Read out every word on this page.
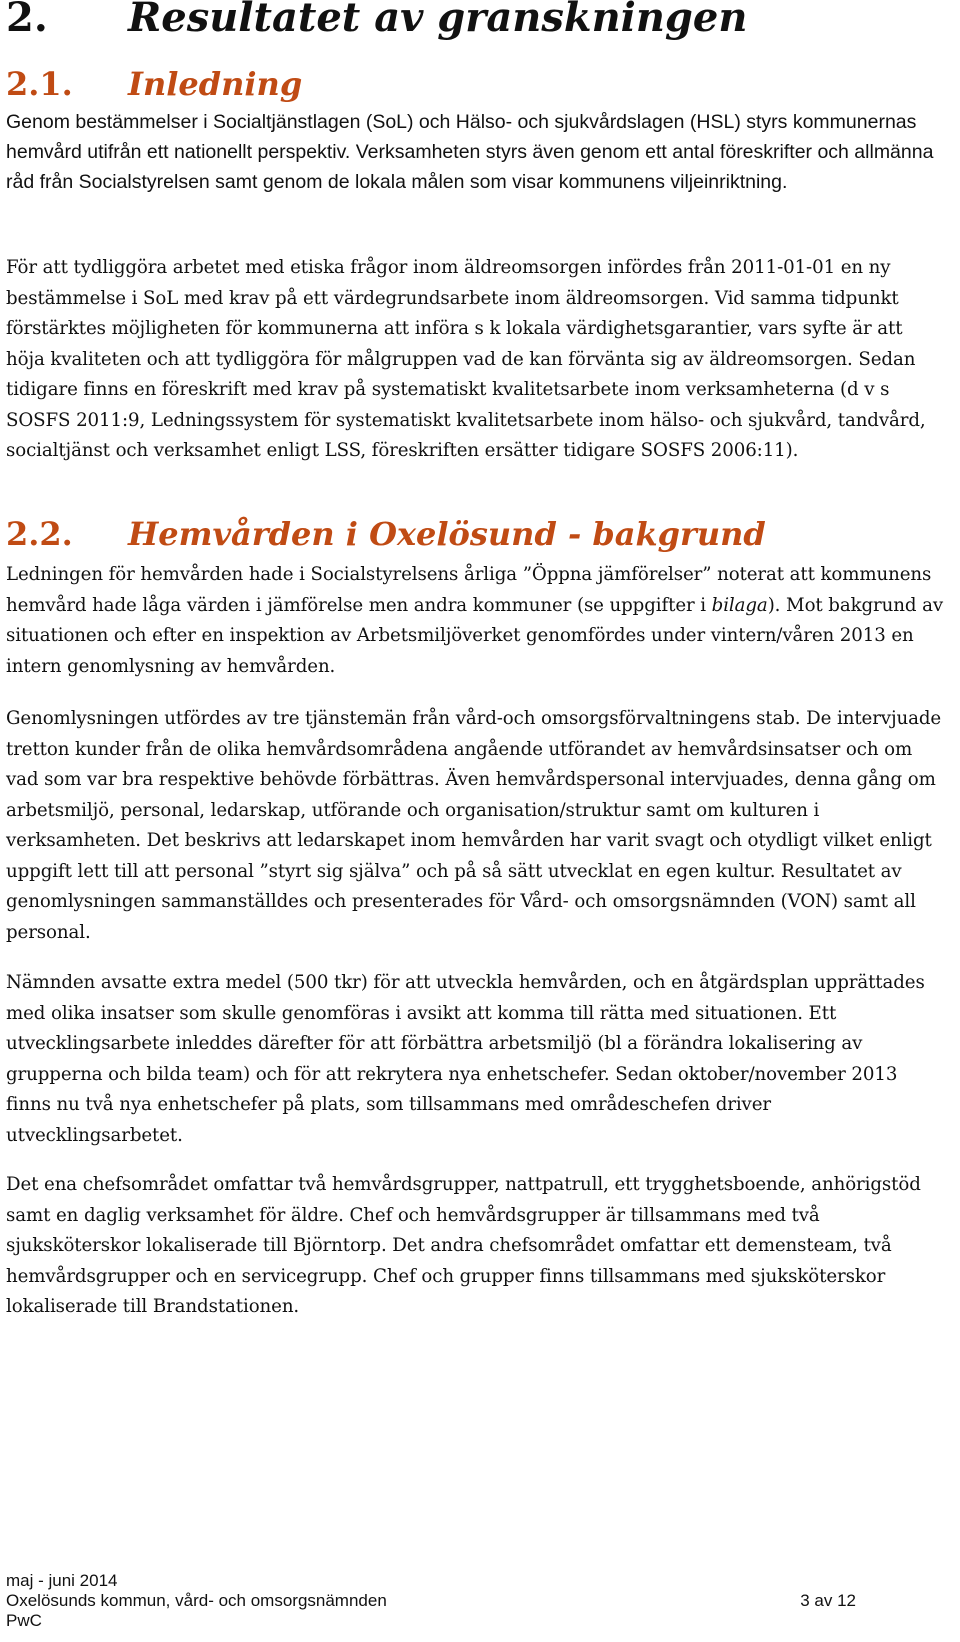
2. Resultatet av granskningen
2.1. Inledning

Genom bestämmelser i Socialtjänstlagen (SoL) och Hälso- och sjukvårdslagen (HSL) styrs kommunernas hemvård utifrån ett nationellt perspektiv. Verksamheten styrs även genom ett antal föreskrifter och allmänna råd från Socialstyrelsen samt genom de lokala målen som visar kommunens viljeinriktning.

För att tydliggöra arbetet med etiska frågor inom äldreomsorgen infördes från 2011-01-01 en ny bestämmelse i SoL med krav på ett värdegrundsarbete inom äldreomsorgen. Vid samma tidpunkt förstärktes möjligheten för kommunerna att införa s k lokala värdighetsgarantier, vars syfte är att höja kvaliteten och att tydliggöra för målgruppen vad de kan förvänta sig av äldreomsorgen. Sedan tidigare finns en föreskrift med krav på systematiskt kvalitetsarbete inom verksamheterna (d v s SOSFS 2011:9, Ledningssystem för systematiskt kvalitetsarbete inom hälso- och sjukvård, tandvård, socialtjänst och verksamhet enligt LSS, föreskriften ersätter tidigare SOSFS 2006:11).

2.2. Hemvården i Oxelösund - bakgrund

Ledningen för hemvården hade i Socialstyrelsens årliga ”Öppna jämförelser” noterat att kommunens hemvård hade låga värden i jämförelse men andra kommuner (se uppgifter i bilaga). Mot bakgrund av situationen och efter en inspektion av Arbetsmiljöverket genomfördes under vintern/våren 2013 en intern genomlysning av hemvården.

Genomlysningen utfördes av tre tjänstemän från vård-och omsorgsförvaltningens stab. De intervjuade tretton kunder från de olika hemvårdsområdena angående utförandet av hemvårdsinsatser och om vad som var bra respektive behövde förbättras. Även hemvårdspersonal intervjuades, denna gång om arbetsmiljö, personal, ledarskap, utförande och organisation/struktur samt om kulturen i verksamheten. Det beskrivs att ledarskapet inom hemvården har varit svagt och otydligt vilket enligt uppgift lett till att personal ”styrt sig själva” och på så sätt utvecklat en egen kultur. Resultatet av genomlysningen sammanställdes och presenterades för Vård- och omsorgsnämnden (VON) samt all personal.

Nämnden avsatte extra medel (500 tkr) för att utveckla hemvården, och en åtgärdsplan upprättades med olika insatser som skulle genomföras i avsikt att komma till rätta med situationen. Ett utvecklingsarbete inleddes därefter för att förbättra arbetsmiljö (bl a förändra lokalisering av grupperna och bilda team) och för att rekrytera nya enhetschefer. Sedan oktober/november 2013 finns nu två nya enhetschefer på plats, som tillsammans med områdeschefen driver utvecklingsarbetet.

Det ena chefsområdet omfattar två hemvårdsgrupper, nattpatrull, ett trygghetsboende, anhörigstöd samt en daglig verksamhet för äldre. Chef och hemvårdsgrupper är tillsammans med två sjuksköterskor lokaliserade till Björntorp. Det andra chefsområdet omfattar ett demensteam, två hemvårdsgrupper och en servicegrupp. Chef och grupper finns tillsammans med sjuksköterskor lokaliserade till Brandstationen.

maj - juni 2014
Oxelösunds kommun, vård- och omsorgsnämnden	3 av 12
PwC
